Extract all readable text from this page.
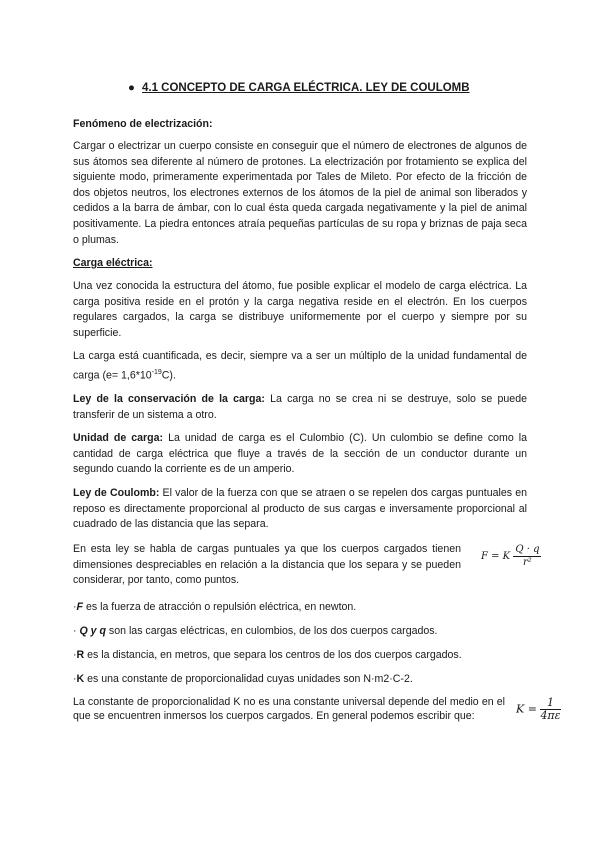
● 4.1 CONCEPTO DE CARGA ELÉCTRICA. LEY DE COULOMB
Fenómeno de electrización:
Cargar o electrizar un cuerpo consiste en conseguir que el número de electrones de algunos de sus átomos sea diferente al número de protones. La electrización por frotamiento se explica del siguiente modo, primeramente experimentada por Tales de Mileto. Por efecto de la fricción de dos objetos neutros, los electrones externos de los átomos de la piel de animal son liberados y cedidos a la barra de ámbar, con lo cual ésta queda cargada negativamente y la piel de animal positivamente. La piedra entonces atraía pequeñas partículas de su ropa y briznas de paja seca o plumas.
Carga eléctrica:
Una vez conocida la estructura del átomo, fue posible explicar el modelo de carga eléctrica. La carga positiva reside en el protón y la carga negativa reside en el electrón. En los cuerpos regulares cargados, la carga se distribuye uniformemente por el cuerpo y siempre por su superficie.
La carga está cuantificada, es decir, siempre va a ser un múltiplo de la unidad fundamental de carga $(e= 1,6*10^{-19}C)$.
Ley de la conservación de la carga: La carga no se crea ni se destruye, solo se puede transferir de un sistema a otro.
Unidad de carga: La unidad de carga es el Culombio (C). Un culombio se define como la cantidad de carga eléctrica que fluye a través de la sección de un conductor durante un segundo cuando la corriente es de un amperio.
Ley de Coulomb: El valor de la fuerza con que se atraen o se repelen dos cargas puntuales en reposo es directamente proporcional al producto de sus cargas e inversamente proporcional al cuadrado de las distancia que las separa.
En esta ley se habla de cargas puntuales ya que los cuerpos cargados tienen dimensiones despreciables en relación a la distancia que los separa y se pueden considerar, por tanto, como puntos.
F = K $\frac{Q \cdot q}{\text{r²}}$
·F es la fuerza de atracción o repulsión eléctrica, en newton.
· Q y q son las cargas eléctricas, en culombios, de los dos cuerpos cargados.
·R es la distancia, en metros, que separa los centros de los dos cuerpos cargados.
·K es una constante de proporcionalidad cuyas unidades son N·m2·C-2.
La constante de proporcionalidad K no es una constante universal depende del medio en el que se encuentren inmersos los cuerpos cargados. En general podemos escribir que:	$K = \frac{1}{4\pi\varepsilon}$
